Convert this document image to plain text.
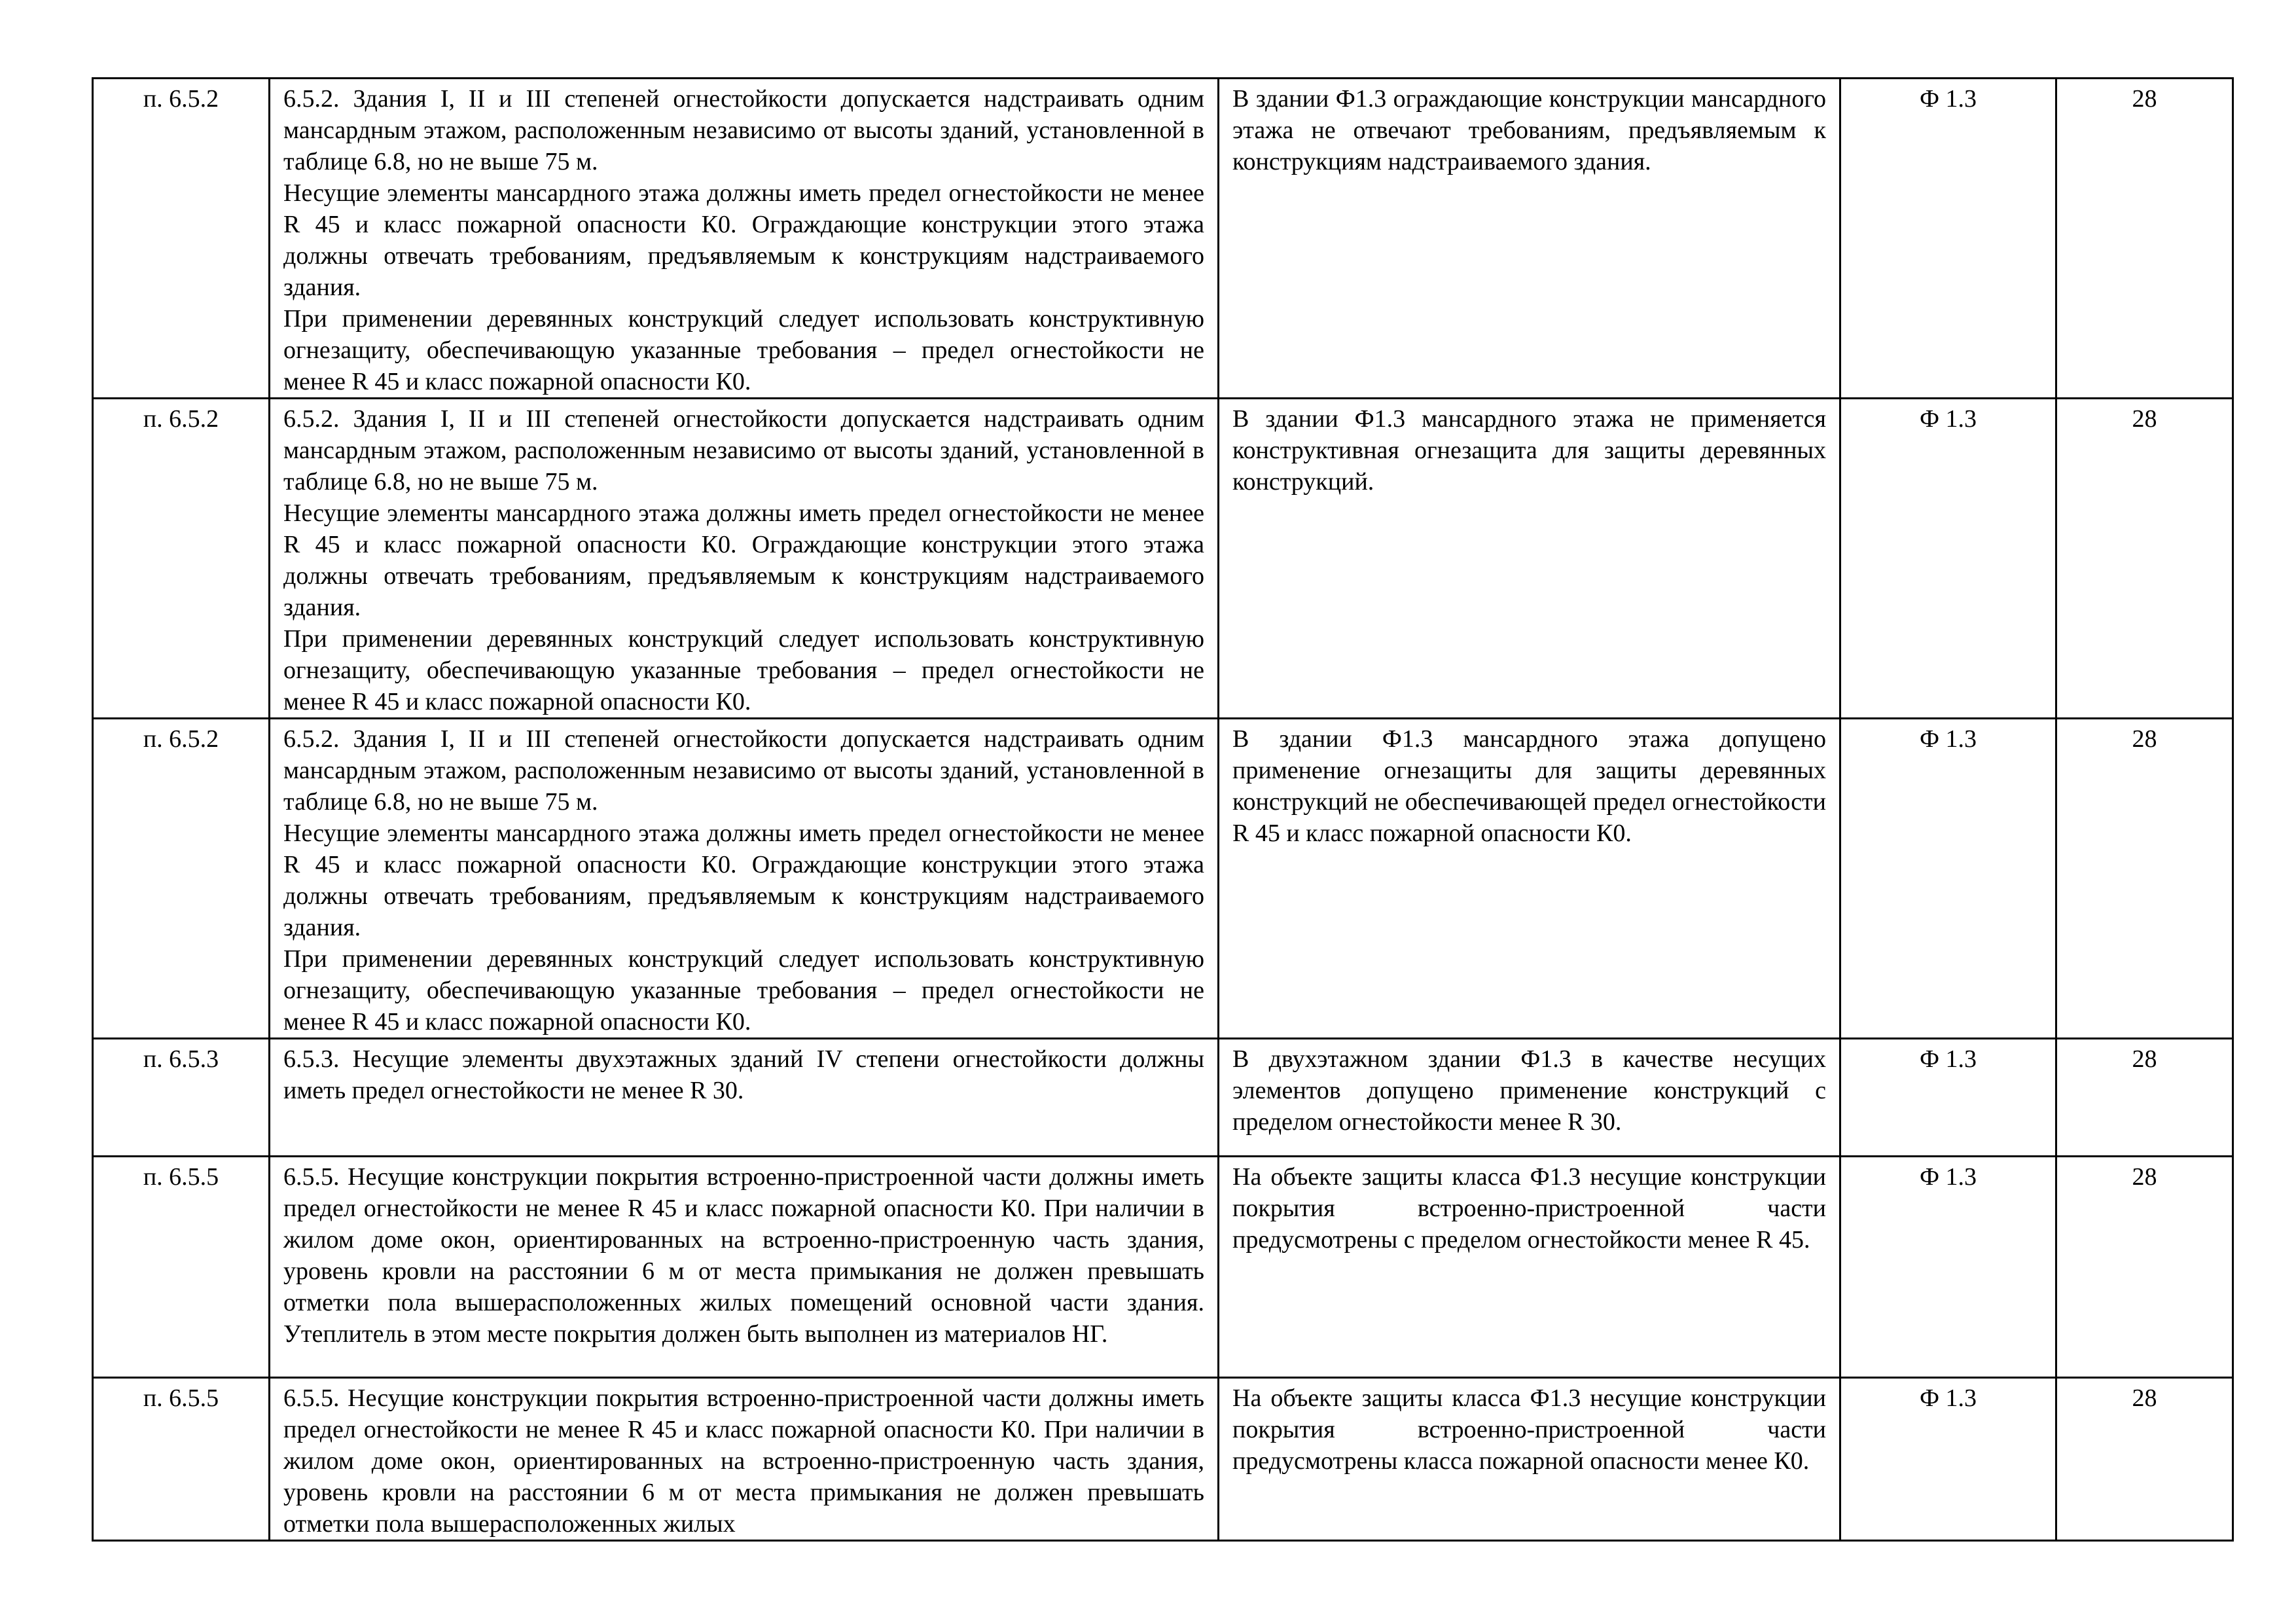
п. 6.5.2	6.5.2. Здания I, II и III степеней огнестойкости допускается надстраивать одним мансардным этажом, расположенным независимо от высоты зданий, установленной в таблице 6.8, но не выше 75 м.
Несущие элементы мансардного этажа должны иметь предел огнестойкости не менее R 45 и класс пожарной опасности К0. Ограждающие конструкции этого этажа должны отвечать требованиям, предъявляемым к конструкциям надстраиваемого здания.
При применении деревянных конструкций следует использовать конструктивную огнезащиту, обеспечивающую указанные требования – предел огнестойкости не менее R 45 и класс пожарной опасности К0.	В здании Ф1.3 ограждающие конструкции мансардного этажа не отвечают требованиям, предъявляемым к конструкциям надстраиваемого здания.	Ф 1.3	28
п. 6.5.2	6.5.2. Здания I, II и III степеней огнестойкости допускается надстраивать одним мансардным этажом, расположенным независимо от высоты зданий, установленной в таблице 6.8, но не выше 75 м.
Несущие элементы мансардного этажа должны иметь предел огнестойкости не менее R 45 и класс пожарной опасности К0. Ограждающие конструкции этого этажа должны отвечать требованиям, предъявляемым к конструкциям надстраиваемого здания.
При применении деревянных конструкций следует использовать конструктивную огнезащиту, обеспечивающую указанные требования – предел огнестойкости не менее R 45 и класс пожарной опасности К0.	В здании Ф1.3 мансардного этажа не применяется конструктивная огнезащита для защиты деревянных конструкций.	Ф 1.3	28
п. 6.5.2	6.5.2. Здания I, II и III степеней огнестойкости допускается надстраивать одним мансардным этажом, расположенным независимо от высоты зданий, установленной в таблице 6.8, но не выше 75 м.
Несущие элементы мансардного этажа должны иметь предел огнестойкости не менее R 45 и класс пожарной опасности К0. Ограждающие конструкции этого этажа должны отвечать требованиям, предъявляемым к конструкциям надстраиваемого здания.
При применении деревянных конструкций следует использовать конструктивную огнезащиту, обеспечивающую указанные требования – предел огнестойкости не менее R 45 и класс пожарной опасности К0.	В здании Ф1.3 мансардного этажа допущено применение огнезащиты для защиты деревянных конструкций не обеспечивающей предел огнестойкости R 45 и класс пожарной опасности К0.	Ф 1.3	28
п. 6.5.3	6.5.3. Несущие элементы двухэтажных зданий IV степени огнестойкости должны иметь предел огнестойкости не менее R 30.	В двухэтажном здании Ф1.3 в качестве несущих элементов допущено применение конструкций с пределом огнестойкости менее R 30.	Ф 1.3	28
п. 6.5.5	6.5.5. Несущие конструкции покрытия встроенно-пристроенной части должны иметь предел огнестойкости не менее R 45 и класс пожарной опасности К0. При наличии в жилом доме окон, ориентированных на встроенно-пристроенную часть здания, уровень кровли на расстоянии 6 м от места примыкания не должен превышать отметки пола вышерасположенных жилых помещений основной части здания. Утеплитель в этом месте покрытия должен быть выполнен из материалов НГ.	На объекте защиты класса Ф1.3 несущие конструкции покрытия встроенно-пристроенной части предусмотрены с пределом огнестойкости менее R 45.	Ф 1.3	28
п. 6.5.5	6.5.5. Несущие конструкции покрытия встроенно-пристроенной части должны иметь предел огнестойкости не менее R 45 и класс пожарной опасности К0. При наличии в жилом доме окон, ориентированных на встроенно-пристроенную часть здания, уровень кровли на расстоянии 6 м от места примыкания не должен превышать отметки пола вышерасположенных жилых	На объекте защиты класса Ф1.3 несущие конструкции покрытия встроенно-пристроенной части предусмотрены класса пожарной опасности менее К0.	Ф 1.3	28
